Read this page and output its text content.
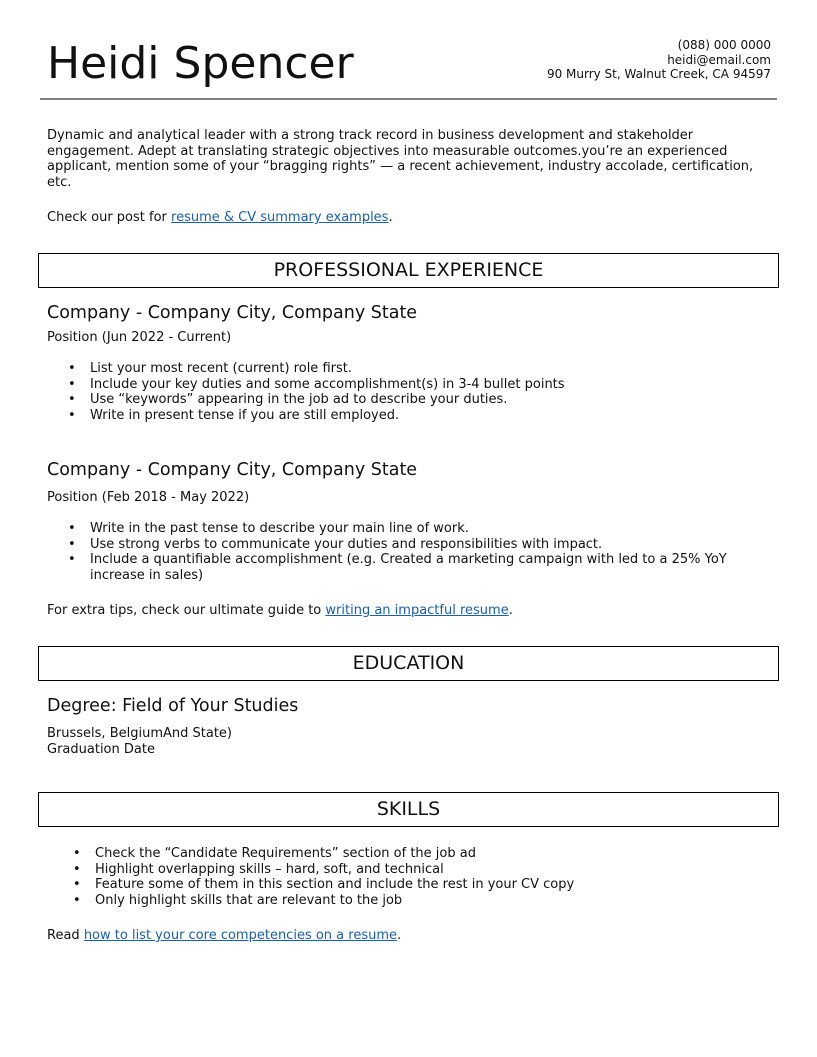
Heidi Spencer	(088) 000 0000
heidi@email.com
90 Murry St, Walnut Creek, CA 94597
Dynamic and analytical leader with a strong track record in business development and stakeholder engagement. Adept at translating strategic objectives into measurable outcomes.you’re an experienced applicant, mention some of your “bragging rights” — a recent achievement, industry accolade, certification, etc.
Check our post for resume & CV summary examples.
PROFESSIONAL EXPERIENCE
Company - Company City, Company State
Position (Jun 2022 - Current)
• List your most recent (current) role first.
• Include your key duties and some accomplishment(s) in 3-4 bullet points
• Use “keywords” appearing in the job ad to describe your duties.
• Write in present tense if you are still employed.
Company - Company City, Company State
Position (Feb 2018 - May 2022)
• Write in the past tense to describe your main line of work.
• Use strong verbs to communicate your duties and responsibilities with impact.
• Include a quantifiable accomplishment (e.g. Created a marketing campaign with led to a 25% YoY increase in sales)
For extra tips, check our ultimate guide to writing an impactful resume.
EDUCATION
Degree: Field of Your Studies
Brussels, BelgiumAnd State)
Graduation Date
SKILLS
• Check the “Candidate Requirements” section of the job ad
• Highlight overlapping skills – hard, soft, and technical
• Feature some of them in this section and include the rest in your CV copy
• Only highlight skills that are relevant to the job
Read how to list your core competencies on a resume.
